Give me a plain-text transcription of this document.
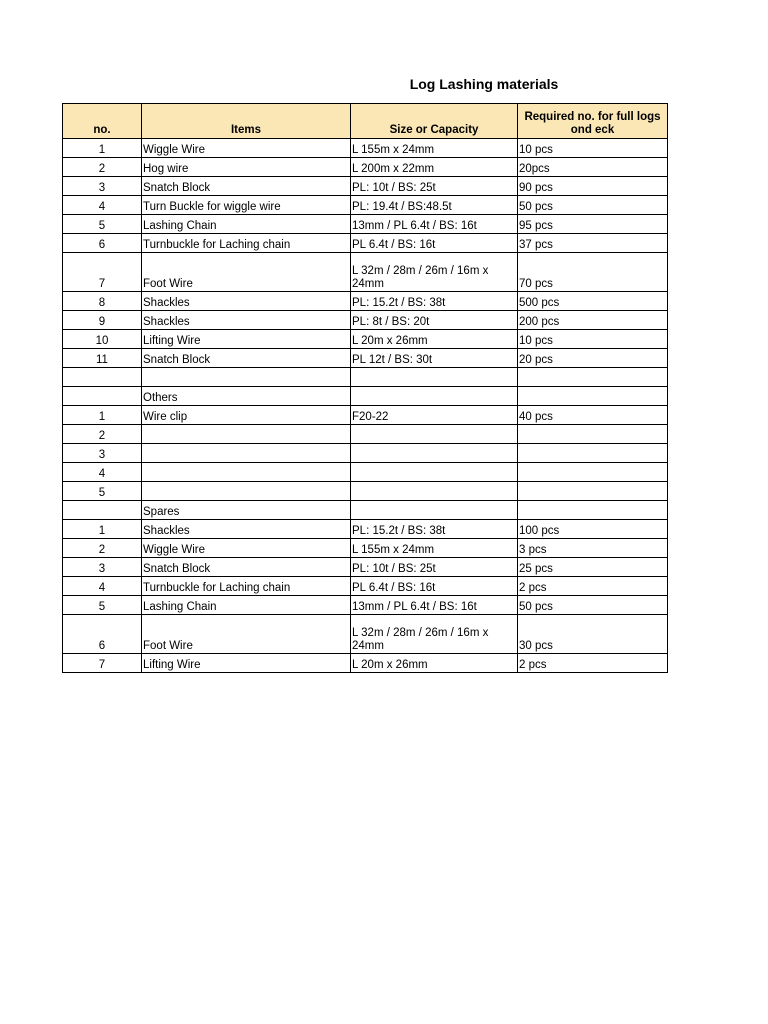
Log Lashing materials
no.	Items	Size or Capacity	Required no. for full logs ond eck
1	Wiggle Wire	L 155m x 24mm	10 pcs
2	Hog wire	L 200m x 22mm	20pcs
3	Snatch Block	PL: 10t / BS: 25t	90 pcs
4	Turn Buckle for wiggle wire	PL: 19.4t / BS:48.5t	50 pcs
5	Lashing Chain	13mm / PL 6.4t / BS: 16t	95 pcs
6	Turnbuckle for Laching chain	PL 6.4t / BS: 16t	37 pcs
7	Foot Wire	L 32m / 28m / 26m / 16m x 24mm	70 pcs
8	Shackles	PL: 15.2t / BS: 38t	500 pcs
9	Shackles	PL: 8t / BS: 20t	200 pcs
10	Lifting Wire	L 20m x 26mm	10 pcs
11	Snatch Block	PL 12t / BS: 30t	20 pcs

	Others		
1	Wire clip	F20-22	40 pcs
2			
3			
4			
5			
	Spares		
1	Shackles	PL: 15.2t / BS: 38t	100 pcs
2	Wiggle Wire	L 155m x 24mm	3 pcs
3	Snatch Block	PL: 10t / BS: 25t	25 pcs
4	Turnbuckle for Laching chain	PL 6.4t / BS: 16t	2 pcs
5	Lashing Chain	13mm / PL 6.4t / BS: 16t	50 pcs
6	Foot Wire	L 32m / 28m / 26m / 16m x 24mm	30 pcs
7	Lifting Wire	L 20m x 26mm	2 pcs
